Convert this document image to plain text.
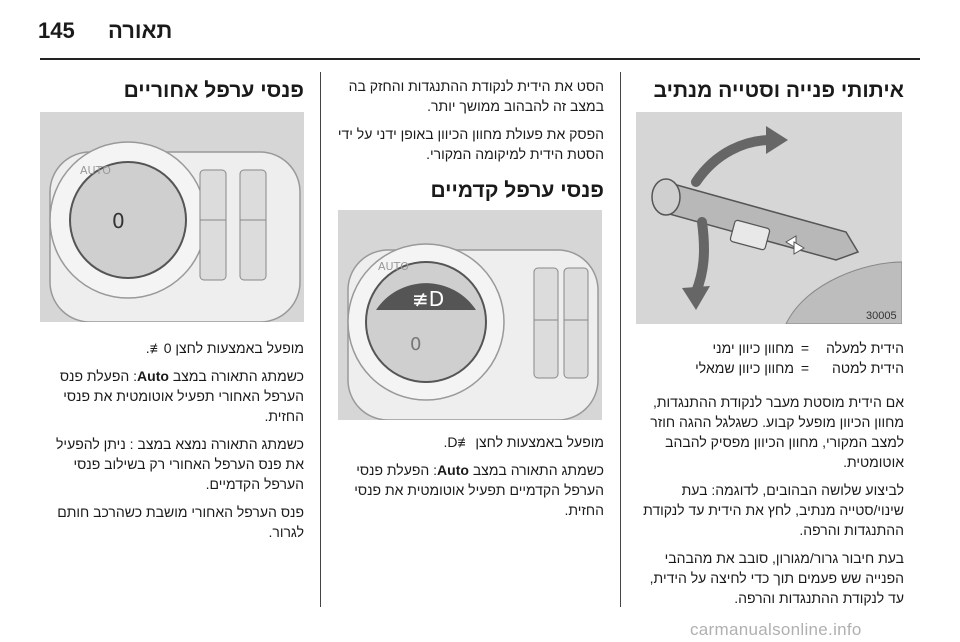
145 תאורה
איתותי פנייה וסטייה מנתיב
30005
הידית למעלה
=
מחוון כיוון ימני
הידית למטה
=
מחוון כיוון שמאלי

אם הידית מוסטת מעבר לנקודת ההתנגדות, מחוון הכיוון מופעל קבוע. כשגלגל ההגה חוזר למצב המקורי, מחוון הכיוון מפסיק להבהב אוטומטית.

לביצוע שלושה הבהובים, לדוגמה: בעת שינוי/סטייה מנתיב, לחץ את הידית עד לנקודת ההתנגדות והרפה.

בעת חיבור גרור/מגורון, סובב את מהבהבי הפנייה שש פעמים תוך כדי לחיצה על הידית, עד לנקודת ההתנגדות והרפה.

הסט את הידית לנקודת ההתנגדות והחזק בה במצב זה להבהוב ממושך יותר.

הפסק את פעולת מחוון הכיוון באופן ידני על ידי הסטת הידית למיקומה המקורי.

פנסי ערפל קדמיים
≢D
0
AUTO

מופעל באמצעות לחצן ≢D.

כשמתג התאורה במצב Auto: הפעלת פנסי הערפל הקדמיים תפעיל אוטומטית את פנסי החזית.

פנסי ערפל אחוריים
0
AUTO

מופעל באמצעות לחצן 0≢.

כשמתג התאורה במצב Auto: הפעלת פנס הערפל האחורי תפעיל אוטומטית את פנסי החזית.

כשמתג התאורה נמצא במצב : ניתן להפעיל את פנס הערפל האחורי רק בשילוב פנסי הערפל הקדמיים.

פנס הערפל האחורי מושבת כשהרכב חותם לגרור.

carmanualsonline.info
